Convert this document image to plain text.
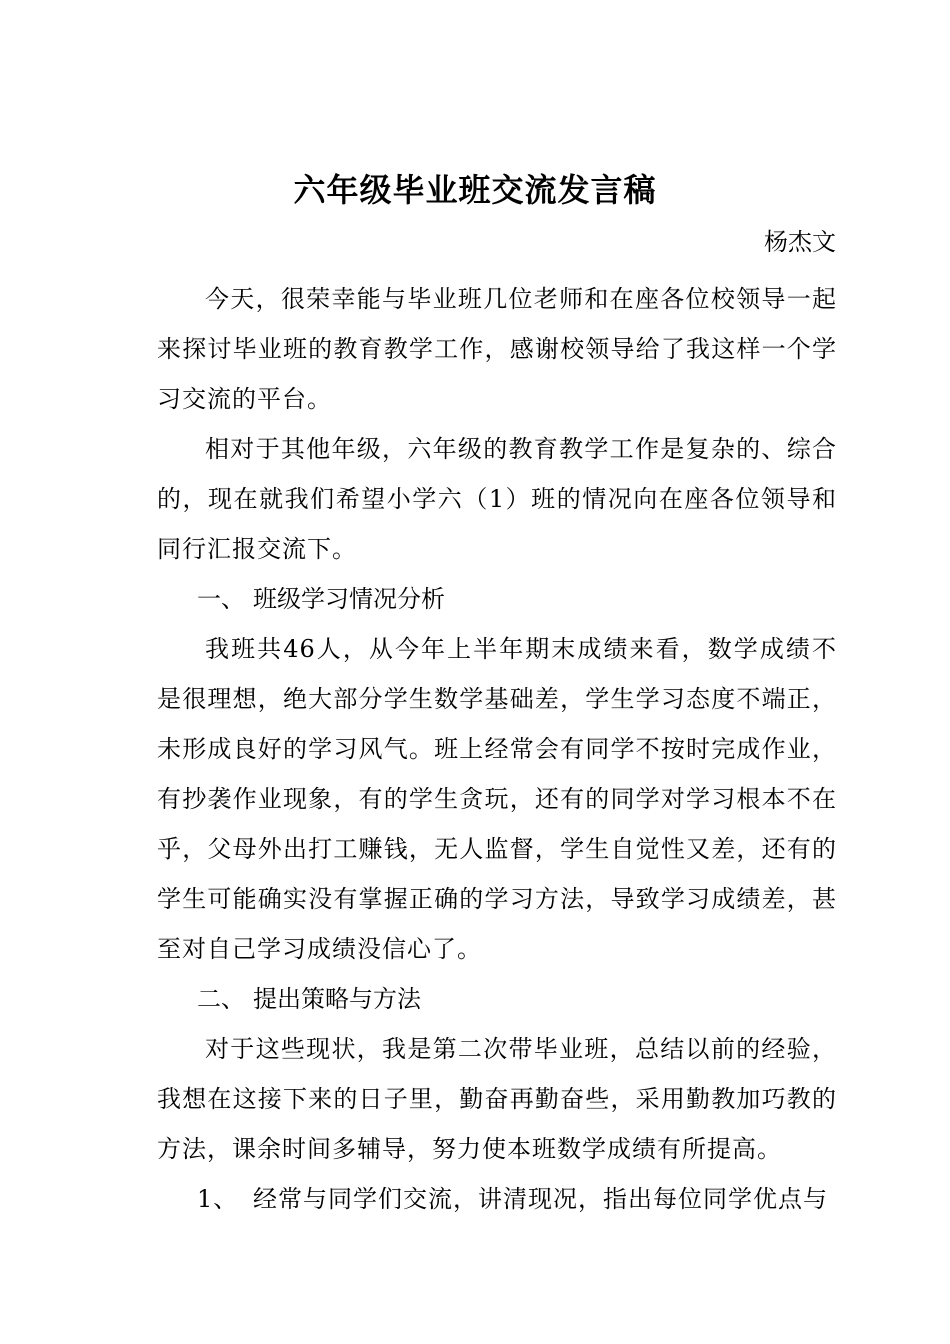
六年级毕业班交流发言稿

杨杰文

今天，很荣幸能与毕业班几位老师和在座各位校领导一起来探讨毕业班的教育教学工作，感谢校领导给了我这样一个学习交流的平台。

相对于其他年级，六年级的教育教学工作是复杂的、综合的，现在就我们希望小学六（1）班的情况向在座各位领导和同行汇报交流下。

一、 班级学习情况分析

我班共46人，从今年上半年期末成绩来看，数学成绩不是很理想，绝大部分学生数学基础差，学生学习态度不端正，未形成良好的学习风气。班上经常会有同学不按时完成作业，有抄袭作业现象，有的学生贪玩，还有的同学对学习根本不在乎，父母外出打工赚钱，无人监督，学生自觉性又差，还有的学生可能确实没有掌握正确的学习方法，导致学习成绩差，甚至对自己学习成绩没信心了。

二、 提出策略与方法

对于这些现状，我是第二次带毕业班，总结以前的经验，我想在这接下来的日子里，勤奋再勤奋些，采用勤教加巧教的方法，课余时间多辅导，努力使本班数学成绩有所提高。

1、 经常与同学们交流，讲清现况，指出每位同学优点与
